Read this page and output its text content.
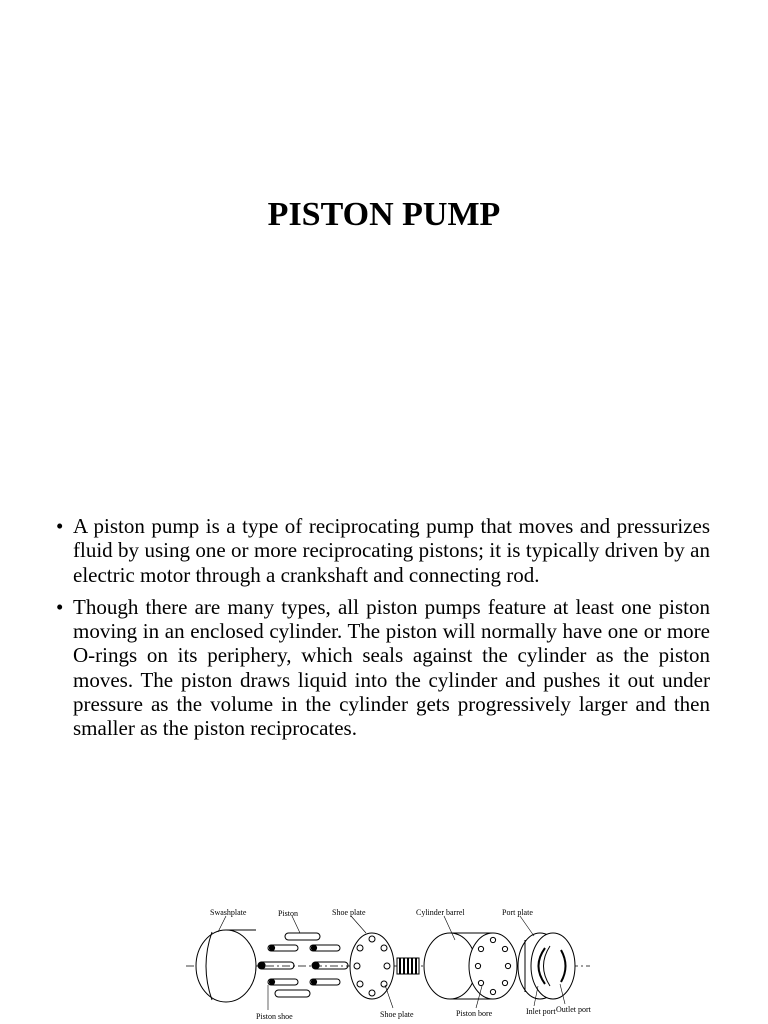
PISTON PUMP
• A piston pump is a type of reciprocating pump that moves and pressurizes fluid by using one or more reciprocating pistons; it is typically driven by an electric motor through a crankshaft and connecting rod.
• Though there are many types, all piston pumps feature at least one piston moving in an enclosed cylinder. The piston will normally have one or more O-rings on its periphery, which seals against the cylinder as the piston moves. The piston draws liquid into the cylinder and pushes it out under pressure as the volume in the cylinder gets progressively larger and then smaller as the piston reciprocates.
Swashplate	Piston	Shoe plate	Cylinder barrel	Port plate
Piston shoe	Shoe plate	Piston bore	Inlet port Outlet port
